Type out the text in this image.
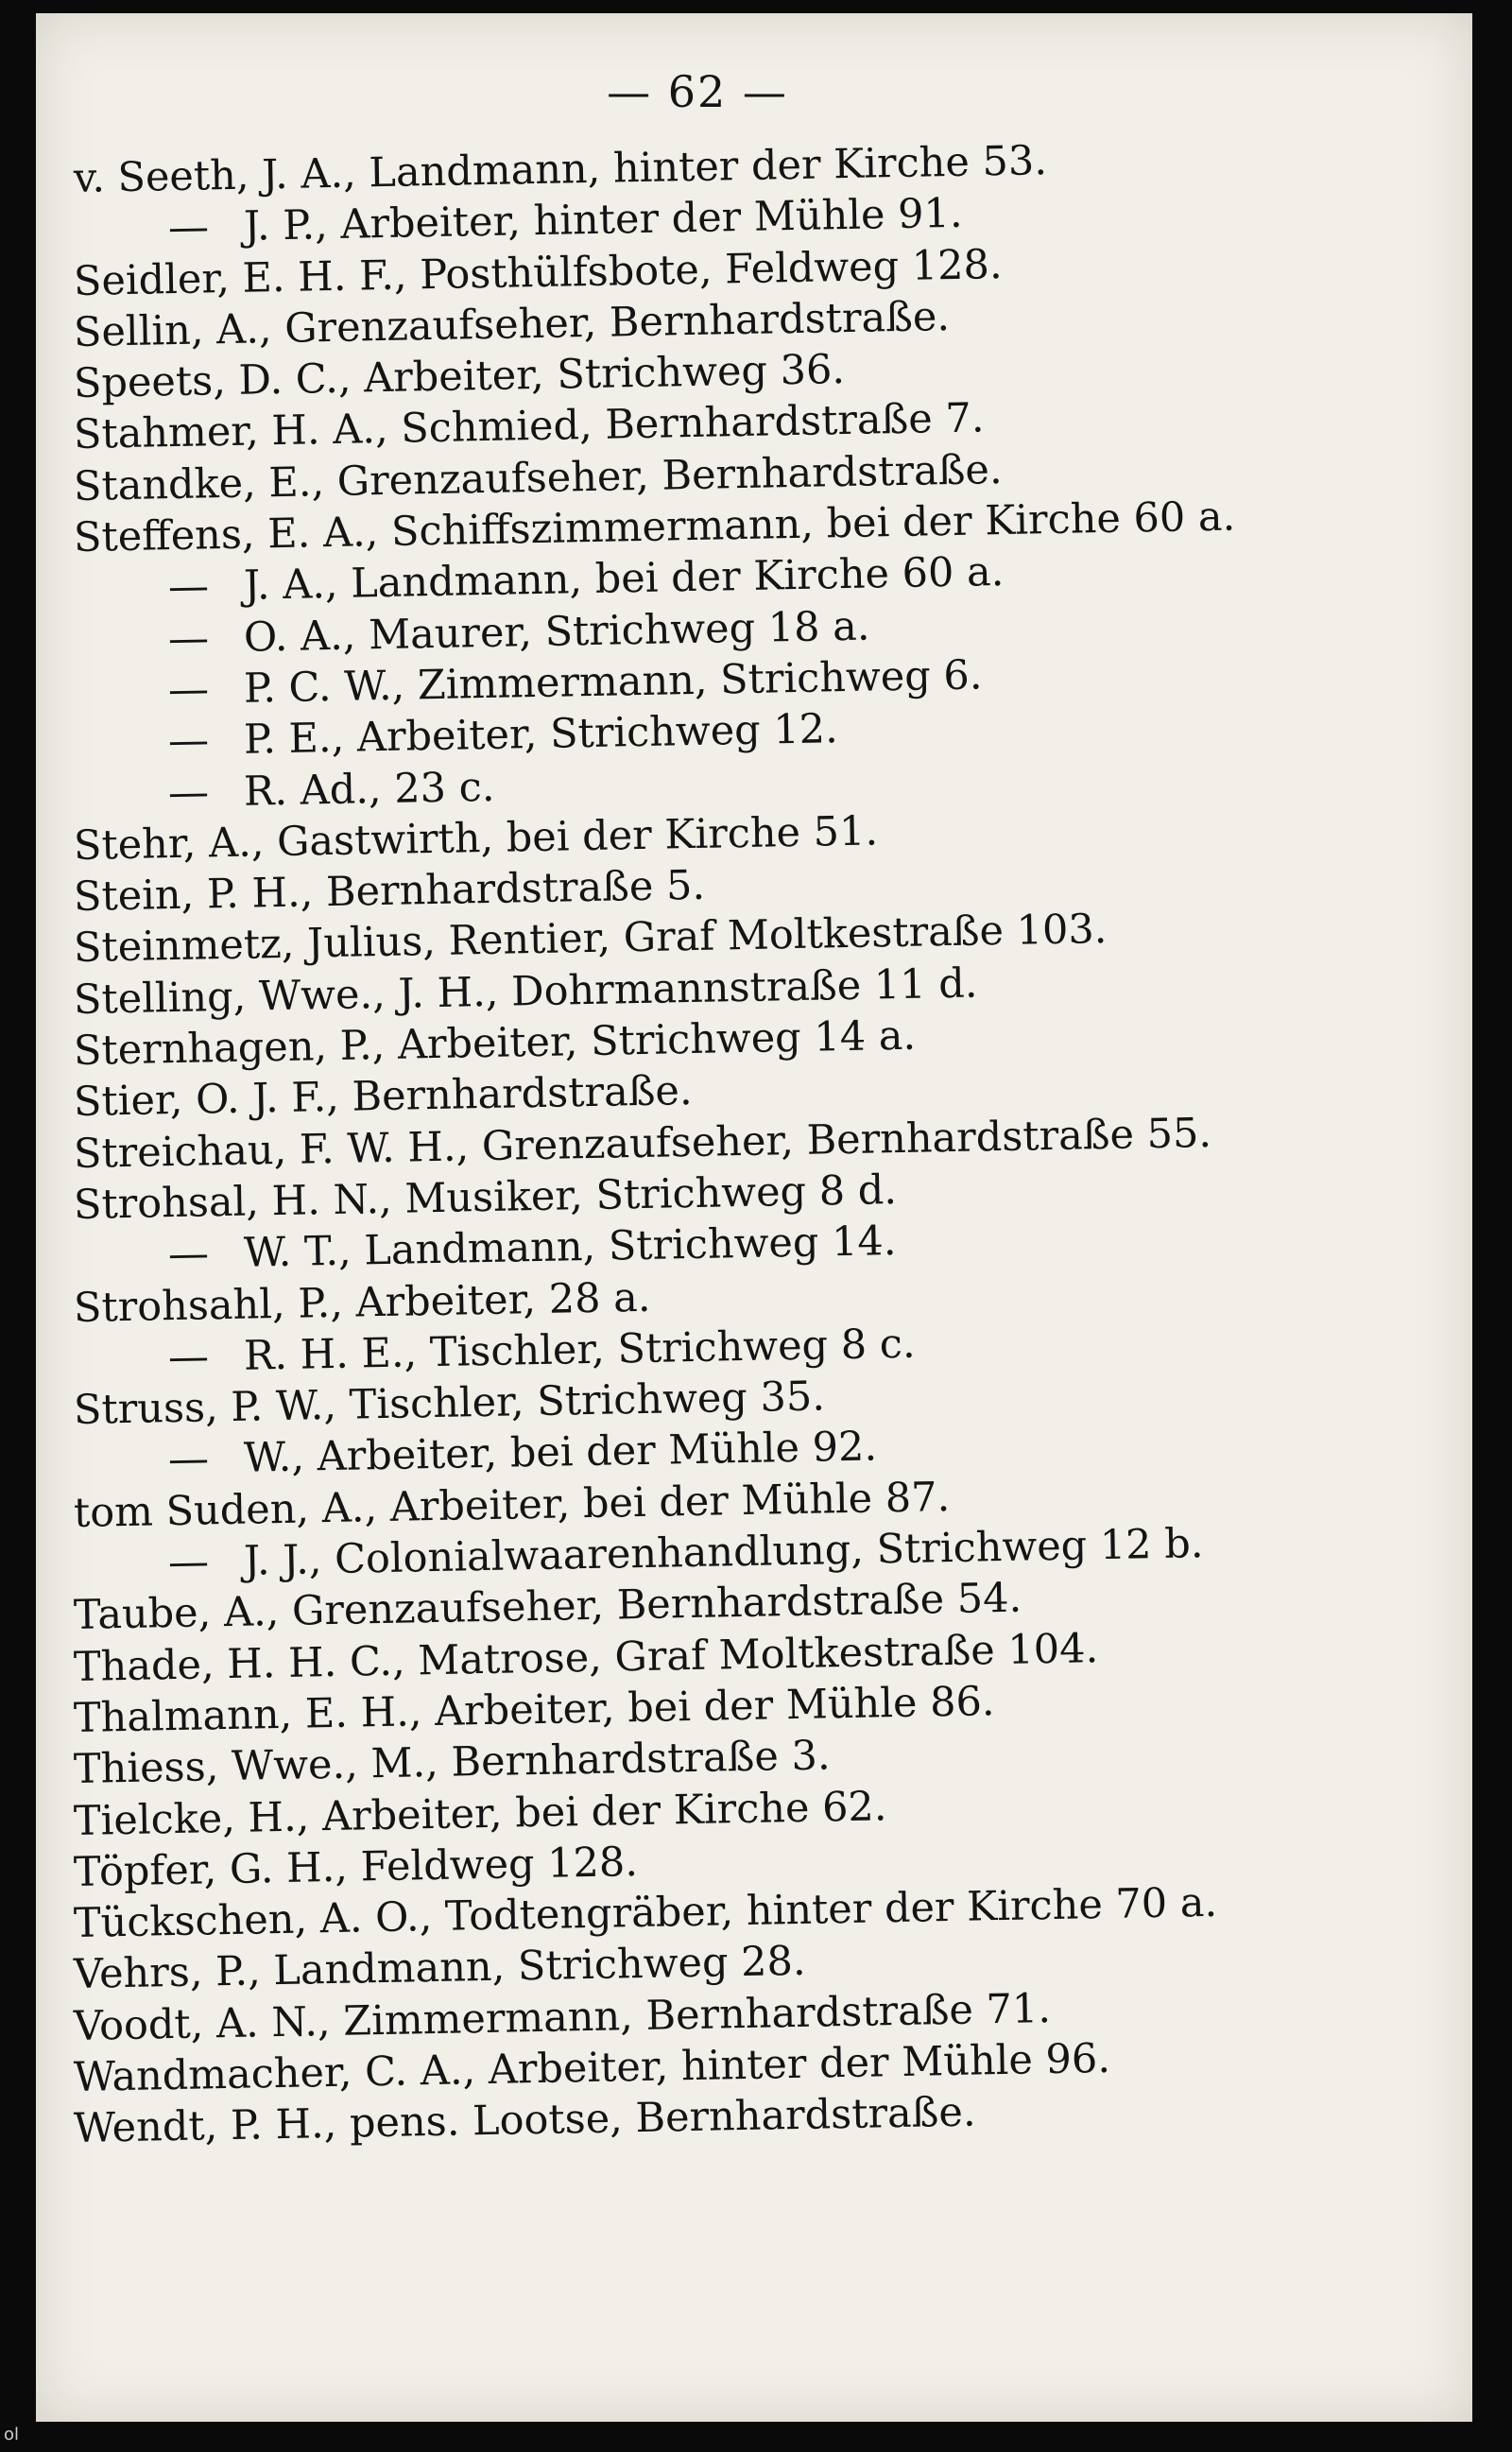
— 62 —
v. Seeth, J. A., Landmann, hinter der Kirche 53.
— J. P., Arbeiter, hinter der Mühle 91.
Seidler, E. H. F., Posthülfsbote, Feldweg 128.
Sellin, A., Grenzaufseher, Bernhardstraße.
Speets, D. C., Arbeiter, Strichweg 36.
Stahmer, H. A., Schmied, Bernhardstraße 7.
Standke, E., Grenzaufseher, Bernhardstraße.
Steffens, E. A., Schiffszimmermann, bei der Kirche 60 a.
— J. A., Landmann, bei der Kirche 60 a.
— O. A., Maurer, Strichweg 18 a.
— P. C. W., Zimmermann, Strichweg 6.
— P. E., Arbeiter, Strichweg 12.
— R. Ad., 23 c.
Stehr, A., Gastwirth, bei der Kirche 51.
Stein, P. H., Bernhardstraße 5.
Steinmetz, Julius, Rentier, Graf Moltkestraße 103.
Stelling, Wwe., J. H., Dohrmannstraße 11 d.
Sternhagen, P., Arbeiter, Strichweg 14 a.
Stier, O. J. F., Bernhardstraße.
Streichau, F. W. H., Grenzaufseher, Bernhardstraße 55.
Strohsal, H. N., Musiker, Strichweg 8 d.
— W. T., Landmann, Strichweg 14.
Strohsahl, P., Arbeiter, 28 a.
— R. H. E., Tischler, Strichweg 8 c.
Struss, P. W., Tischler, Strichweg 35.
— W., Arbeiter, bei der Mühle 92.
tom Suden, A., Arbeiter, bei der Mühle 87.
— J. J., Colonialwaarenhandlung, Strichweg 12 b.
Taube, A., Grenzaufseher, Bernhardstraße 54.
Thade, H. H. C., Matrose, Graf Moltkestraße 104.
Thalmann, E. H., Arbeiter, bei der Mühle 86.
Thiess, Wwe., M., Bernhardstraße 3.
Tielcke, H., Arbeiter, bei der Kirche 62.
Töpfer, G. H., Feldweg 128.
Tückschen, A. O., Todtengräber, hinter der Kirche 70 a.
Vehrs, P., Landmann, Strichweg 28.
Voodt, A. N., Zimmermann, Bernhardstraße 71.
Wandmacher, C. A., Arbeiter, hinter der Mühle 96.
Wendt, P. H., pens. Lootse, Bernhardstraße.
ol
